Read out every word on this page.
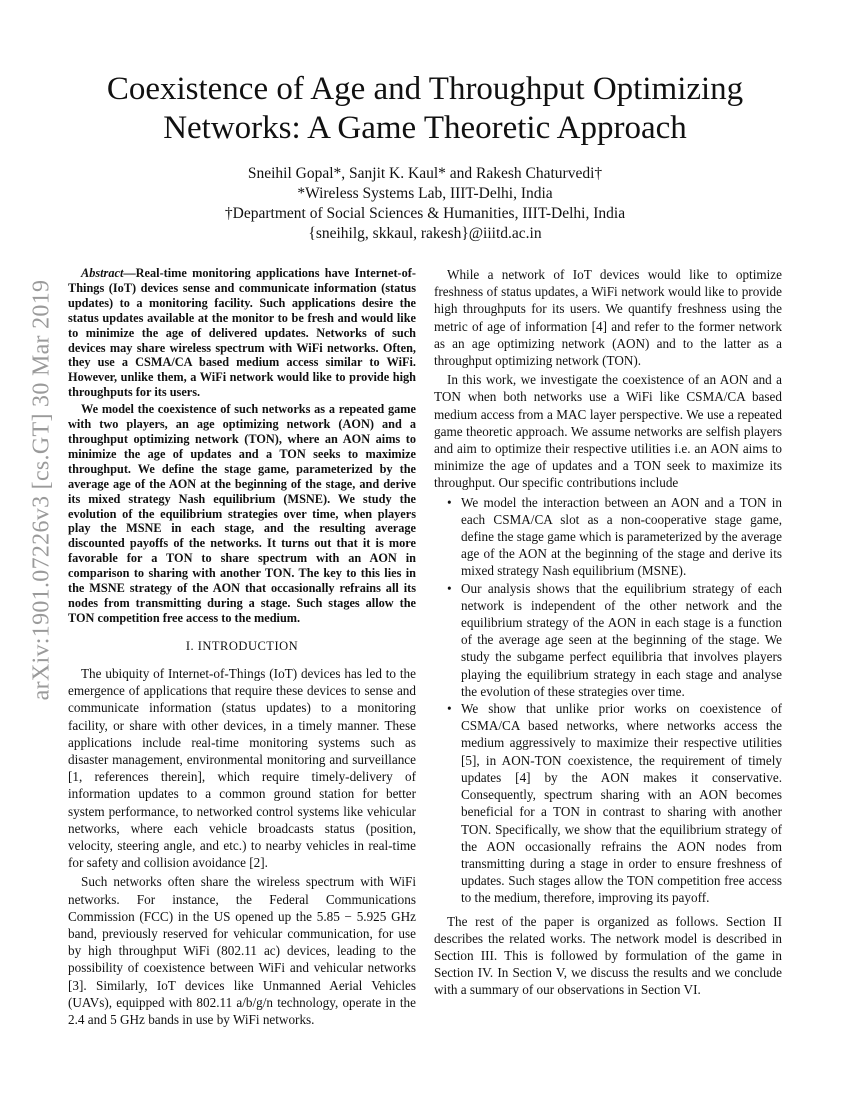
arXiv:1901.07226v3 [cs.GT] 30 Mar 2019
Coexistence of Age and Throughput Optimizing
Networks: A Game Theoretic Approach
Sneihil Gopal*, Sanjit K. Kaul* and Rakesh Chaturvedi†
*Wireless Systems Lab, IIIT-Delhi, India
†Department of Social Sciences & Humanities, IIIT-Delhi, India
{sneihilg, skkaul, rakesh}@iiitd.ac.in

Abstract—Real-time monitoring applications have Internet-of-Things (IoT) devices sense and communicate information (status updates) to a monitoring facility. Such applications desire the status updates available at the monitor to be fresh and would like to minimize the age of delivered updates. Networks of such devices may share wireless spectrum with WiFi networks. Often, they use a CSMA/CA based medium access similar to WiFi. However, unlike them, a WiFi network would like to provide high throughputs for its users.

We model the coexistence of such networks as a repeated game with two players, an age optimizing network (AON) and a throughput optimizing network (TON), where an AON aims to minimize the age of updates and a TON seeks to maximize throughput. We define the stage game, parameterized by the average age of the AON at the beginning of the stage, and derive its mixed strategy Nash equilibrium (MSNE). We study the evolution of the equilibrium strategies over time, when players play the MSNE in each stage, and the resulting average discounted payoffs of the networks. It turns out that it is more favorable for a TON to share spectrum with an AON in comparison to sharing with another TON. The key to this lies in the MSNE strategy of the AON that occasionally refrains all its nodes from transmitting during a stage. Such stages allow the TON competition free access to the medium.

I. INTRODUCTION

The ubiquity of Internet-of-Things (IoT) devices has led to the emergence of applications that require these devices to sense and communicate information (status updates) to a monitoring facility, or share with other devices, in a timely manner. These applications include real-time monitoring systems such as disaster management, environmental monitoring and surveillance [1, references therein], which require timely-delivery of information updates to a common ground station for better system performance, to networked control systems like vehicular networks, where each vehicle broadcasts status (position, velocity, steering angle, and etc.) to nearby vehicles in real-time for safety and collision avoidance [2].

Such networks often share the wireless spectrum with WiFi networks. For instance, the Federal Communications Commission (FCC) in the US opened up the 5.85 − 5.925 GHz band, previously reserved for vehicular communication, for use by high throughput WiFi (802.11 ac) devices, leading to the possibility of coexistence between WiFi and vehicular networks [3]. Similarly, IoT devices like Unmanned Aerial Vehicles (UAVs), equipped with 802.11 a/b/g/n technology, operate in the 2.4 and 5 GHz bands in use by WiFi networks.

While a network of IoT devices would like to optimize freshness of status updates, a WiFi network would like to provide high throughputs for its users. We quantify freshness using the metric of age of information [4] and refer to the former network as an age optimizing network (AON) and to the latter as a throughput optimizing network (TON).

In this work, we investigate the coexistence of an AON and a TON when both networks use a WiFi like CSMA/CA based medium access from a MAC layer perspective. We use a repeated game theoretic approach. We assume networks are selfish players and aim to optimize their respective utilities i.e. an AON aims to minimize the age of updates and a TON seek to maximize its throughput. Our specific contributions include

• We model the interaction between an AON and a TON in each CSMA/CA slot as a non-cooperative stage game, define the stage game which is parameterized by the average age of the AON at the beginning of the stage and derive its mixed strategy Nash equilibrium (MSNE).
• Our analysis shows that the equilibrium strategy of each network is independent of the other network and the equilibrium strategy of the AON in each stage is a function of the average age seen at the beginning of the stage. We study the subgame perfect equilibria that involves players playing the equilibrium strategy in each stage and analyse the evolution of these strategies over time.
• We show that unlike prior works on coexistence of CSMA/CA based networks, where networks access the medium aggressively to maximize their respective utilities [5], in AON-TON coexistence, the requirement of timely updates [4] by the AON makes it conservative. Consequently, spectrum sharing with an AON becomes beneficial for a TON in contrast to sharing with another TON. Specifically, we show that the equilibrium strategy of the AON occasionally refrains the AON nodes from transmitting during a stage in order to ensure freshness of updates. Such stages allow the TON competition free access to the medium, therefore, improving its payoff.

The rest of the paper is organized as follows. Section II describes the related works. The network model is described in Section III. This is followed by formulation of the game in Section IV. In Section V, we discuss the results and we conclude with a summary of our observations in Section VI.
